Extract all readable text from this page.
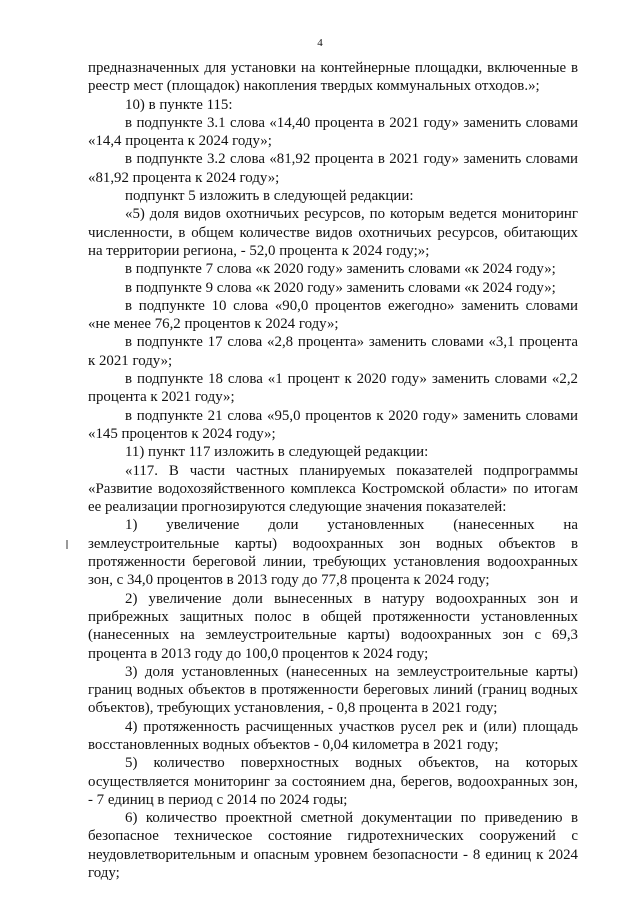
4

предназначенных для установки на контейнерные площадки, включенные в реестр мест (площадок) накопления твердых коммунальных отходов.»;

10) в пункте 115:

в подпункте 3.1 слова «14,40 процента в 2021 году» заменить словами «14,4 процента к 2024 году»;

в подпункте 3.2 слова «81,92 процента в 2021 году» заменить словами «81,92 процента к 2024 году»;

подпункт 5 изложить в следующей редакции:

«5) доля видов охотничьих ресурсов, по которым ведется мониторинг численности, в общем количестве видов охотничьих ресурсов, обитающих на территории региона, - 52,0 процента к 2024 году;»;

в подпункте 7 слова «к 2020 году» заменить словами «к 2024 году»;

в подпункте 9 слова «к 2020 году» заменить словами «к 2024 году»;

в подпункте 10 слова «90,0 процентов ежегодно» заменить словами «не менее 76,2 процентов к 2024 году»;

в подпункте 17 слова «2,8 процента» заменить словами «3,1 процента к 2021 году»;

в подпункте 18 слова «1 процент к 2020 году» заменить словами «2,2 процента к 2021 году»;

в подпункте 21 слова «95,0 процентов к 2020 году» заменить словами «145 процентов к 2024 году»;

11) пункт 117 изложить в следующей редакции:

«117. В части частных планируемых показателей подпрограммы «Развитие водохозяйственного комплекса Костромской области» по итогам ее реализации прогнозируются следующие значения показателей:

1) увеличение доли установленных (нанесенных на землеустроительные карты) водоохранных зон водных объектов в протяженности береговой линии, требующих установления водоохранных зон, с 34,0 процентов в 2013 году до 77,8 процента к 2024 году;

2) увеличение доли вынесенных в натуру водоохранных зон и прибрежных защитных полос в общей протяженности установленных (нанесенных на землеустроительные карты) водоохранных зон с 69,3 процента в 2013 году до 100,0 процентов к 2024 году;

3) доля установленных (нанесенных на землеустроительные карты) границ водных объектов в протяженности береговых линий (границ водных объектов), требующих установления, - 0,8 процента в 2021 году;

4) протяженность расчищенных участков русел рек и (или) площадь восстановленных водных объектов - 0,04 километра в 2021 году;

5) количество поверхностных водных объектов, на которых осуществляется мониторинг за состоянием дна, берегов, водоохранных зон, - 7 единиц в период с 2014 по 2024 годы;

6) количество проектной сметной документации по приведению в безопасное техническое состояние гидротехнических сооружений с неудовлетворительным и опасным уровнем безопасности - 8 единиц к 2024 году;
